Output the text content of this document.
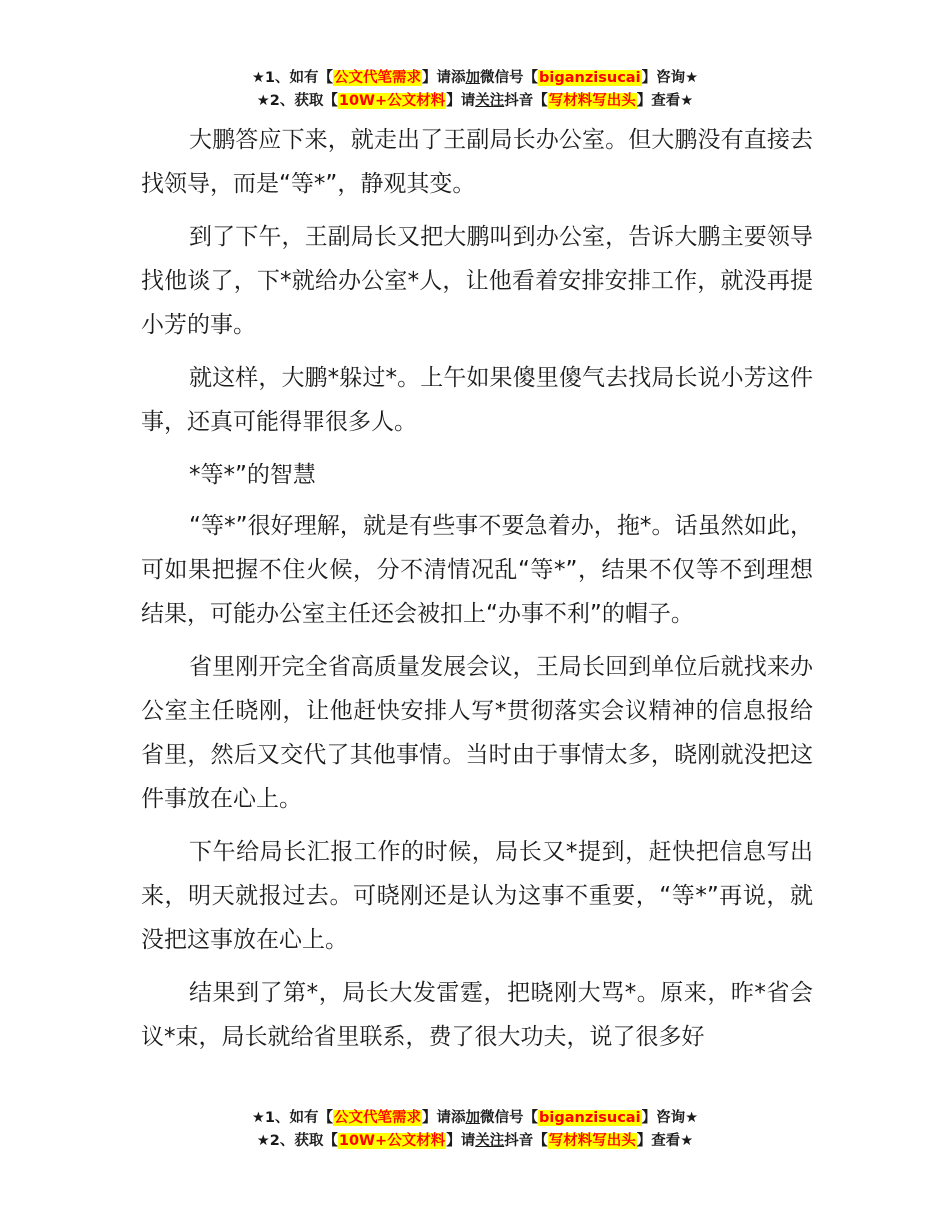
★1、如有【公文代笔需求】请添加微信号【biganzisucai】咨询★
★2、获取【10W+公文材料】请关注抖音【写材料写出头】查看★

大鹏答应下来，就走出了王副局长办公室。但大鹏没有直接去找领导，而是“等*”，静观其变。

到了下午，王副局长又把大鹏叫到办公室，告诉大鹏主要领导找他谈了，下*就给办公室*人，让他看着安排安排工作，就没再提小芳的事。

就这样，大鹏*躲过*。上午如果傻里傻气去找局长说小芳这件事，还真可能得罪很多人。

*等*”的智慧

“等*”很好理解，就是有些事不要急着办，拖*。话虽然如此，可如果把握不住火候，分不清情况乱“等*”，结果不仅等不到理想结果，可能办公室主任还会被扣上“办事不利”的帽子。

省里刚开完全省高质量发展会议，王局长回到单位后就找来办公室主任晓刚，让他赶快安排人写*贯彻落实会议精神的信息报给省里，然后又交代了其他事情。当时由于事情太多，晓刚就没把这件事放在心上。

下午给局长汇报工作的时候，局长又*提到，赶快把信息写出来，明天就报过去。可晓刚还是认为这事不重要，“等*”再说，就没把这事放在心上。

结果到了第*，局长大发雷霆，把晓刚大骂*。原来，昨*省会议*束，局长就给省里联系，费了很大功夫，说了很多好

★1、如有【公文代笔需求】请添加微信号【biganzisucai】咨询★
★2、获取【10W+公文材料】请关注抖音【写材料写出头】查看★
